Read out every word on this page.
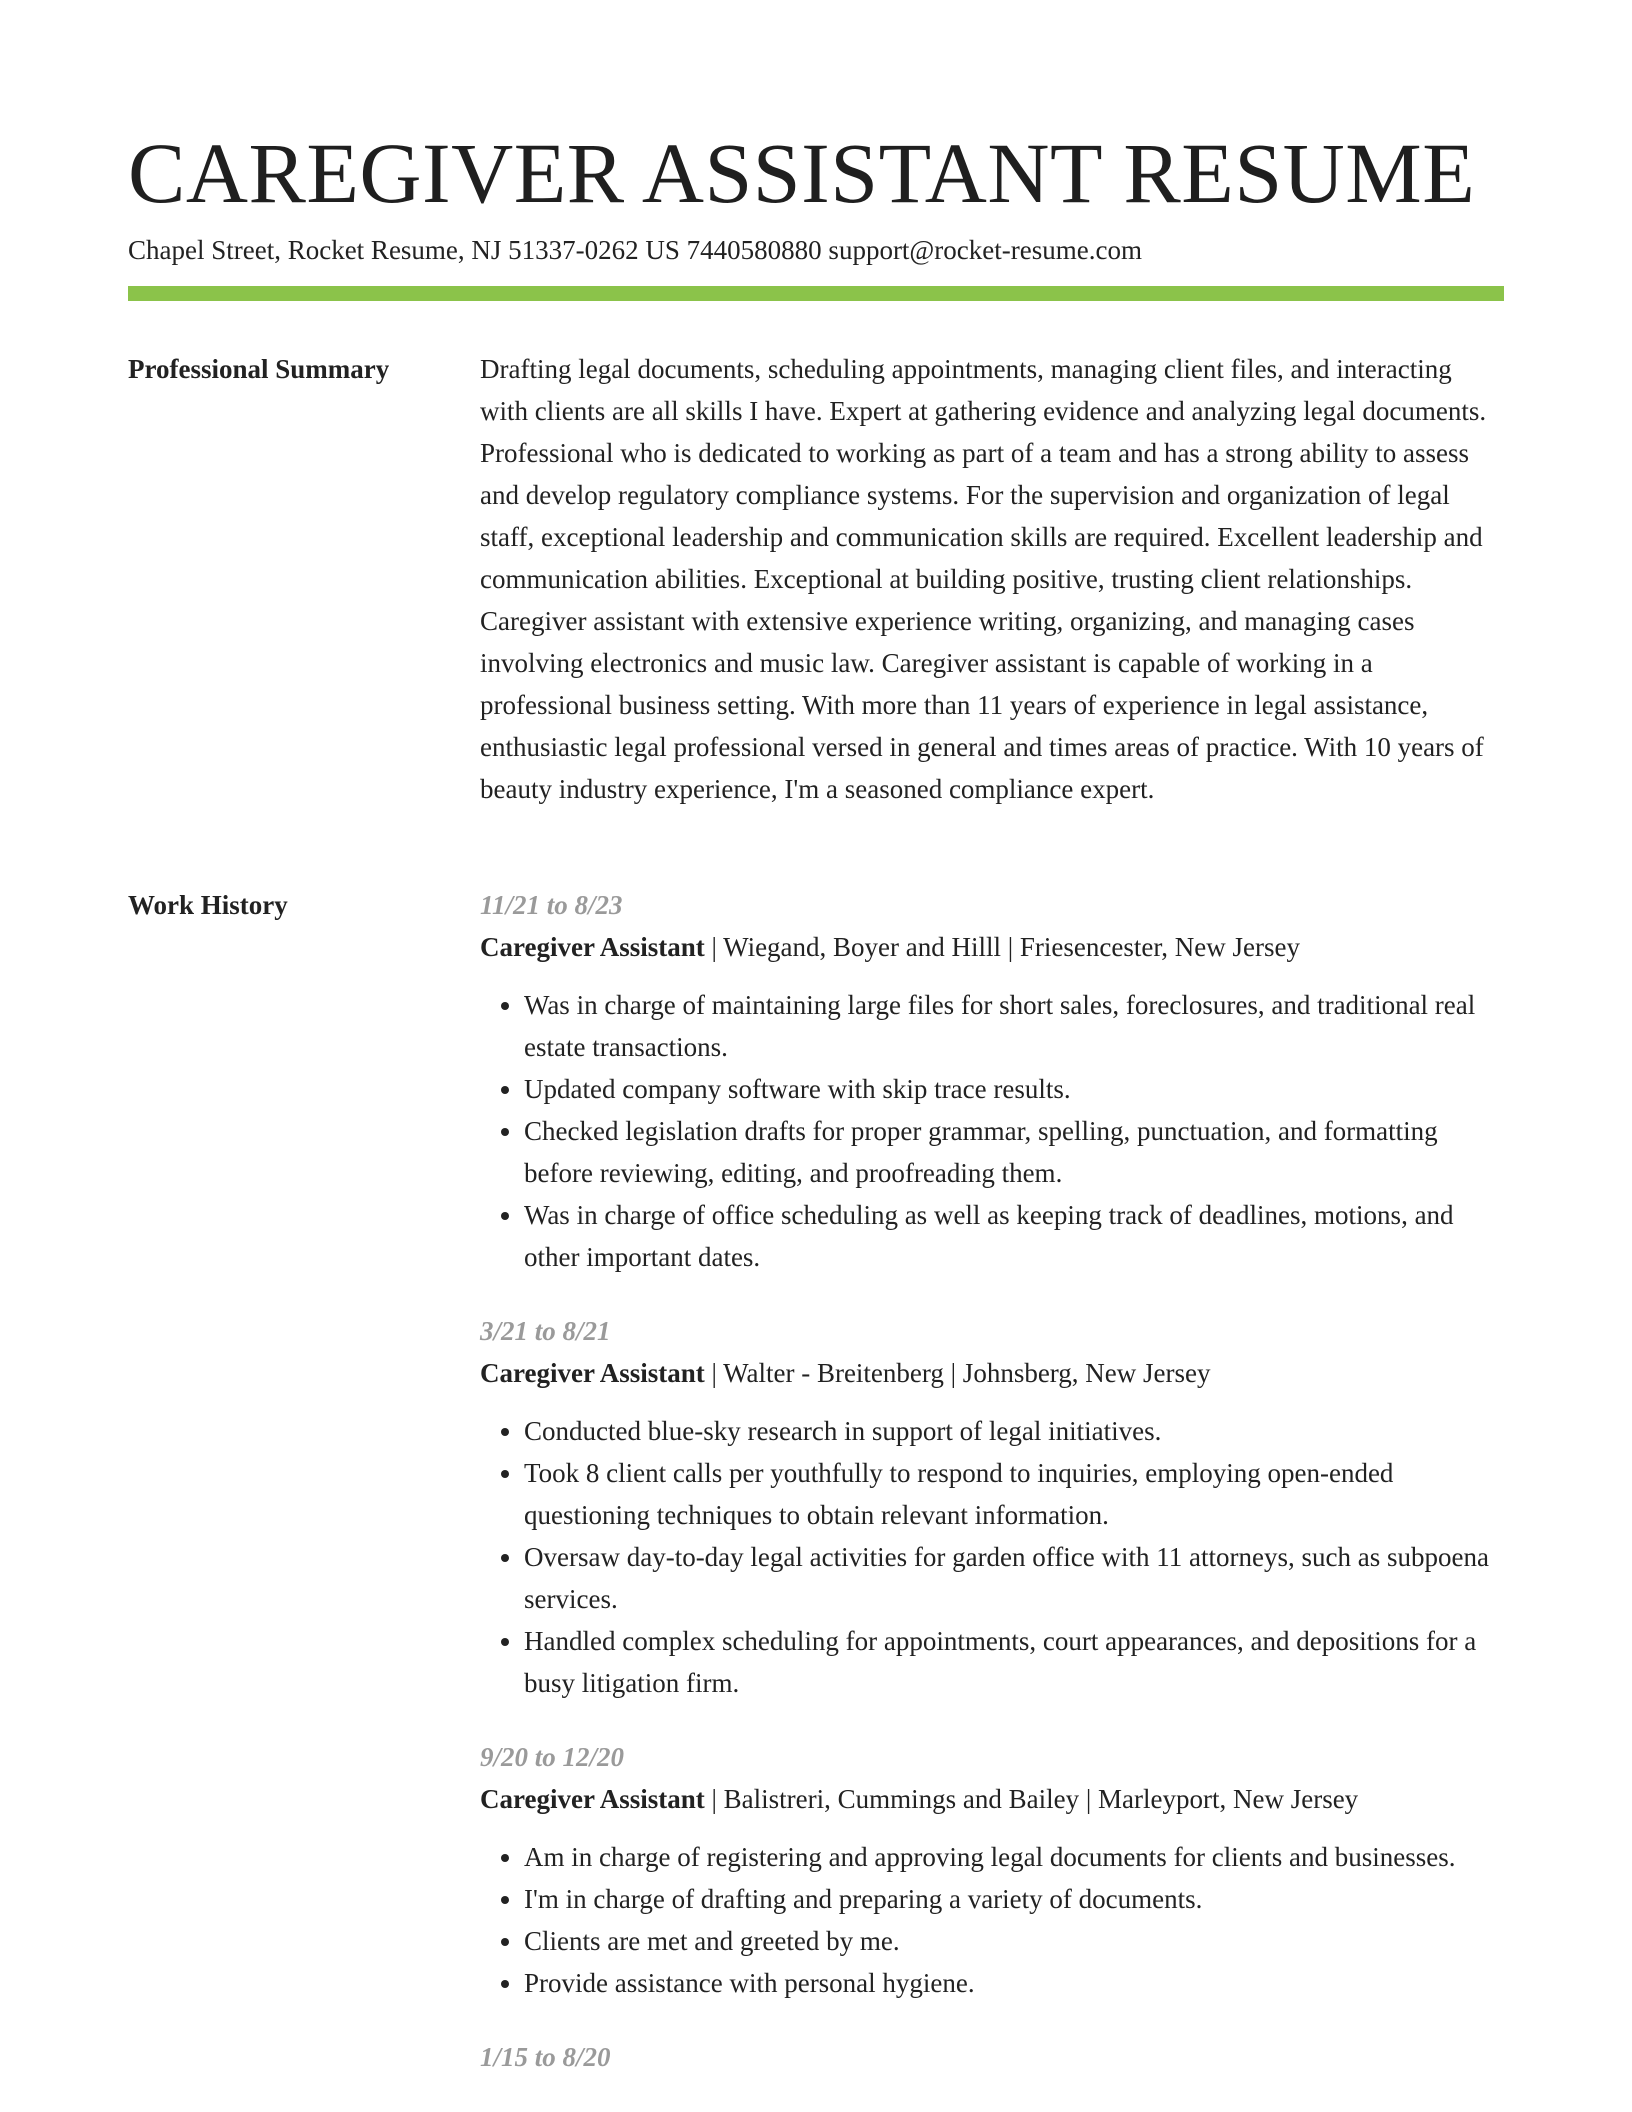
CAREGIVER ASSISTANT RESUME
Chapel Street, Rocket Resume, NJ 51337-0262 US 7440580880 support@rocket-resume.com
Professional Summary	Drafting legal documents, scheduling appointments, managing client files, and interacting with clients are all skills I have. Expert at gathering evidence and analyzing legal documents. Professional who is dedicated to working as part of a team and has a strong ability to assess and develop regulatory compliance systems. For the supervision and organization of legal staff, exceptional leadership and communication skills are required. Excellent leadership and communication abilities. Exceptional at building positive, trusting client relationships. Caregiver assistant with extensive experience writing, organizing, and managing cases involving electronics and music law. Caregiver assistant is capable of working in a professional business setting. With more than 11 years of experience in legal assistance, enthusiastic legal professional versed in general and times areas of practice. With 10 years of beauty industry experience, I'm a seasoned compliance expert.

Work History	11/21 to 8/23
Caregiver Assistant | Wiegand, Boyer and Hilll | Friesencester, New Jersey
• Was in charge of maintaining large files for short sales, foreclosures, and traditional real estate transactions.
• Updated company software with skip trace results.
• Checked legislation drafts for proper grammar, spelling, punctuation, and formatting before reviewing, editing, and proofreading them.
• Was in charge of office scheduling as well as keeping track of deadlines, motions, and other important dates.
3/21 to 8/21
Caregiver Assistant | Walter - Breitenberg | Johnsberg, New Jersey
• Conducted blue-sky research in support of legal initiatives.
• Took 8 client calls per youthfully to respond to inquiries, employing open-ended questioning techniques to obtain relevant information.
• Oversaw day-to-day legal activities for garden office with 11 attorneys, such as subpoena services.
• Handled complex scheduling for appointments, court appearances, and depositions for a busy litigation firm.
9/20 to 12/20
Caregiver Assistant | Balistreri, Cummings and Bailey | Marleyport, New Jersey
• Am in charge of registering and approving legal documents for clients and businesses.
• I'm in charge of drafting and preparing a variety of documents.
• Clients are met and greeted by me.
• Provide assistance with personal hygiene.
1/15 to 8/20
